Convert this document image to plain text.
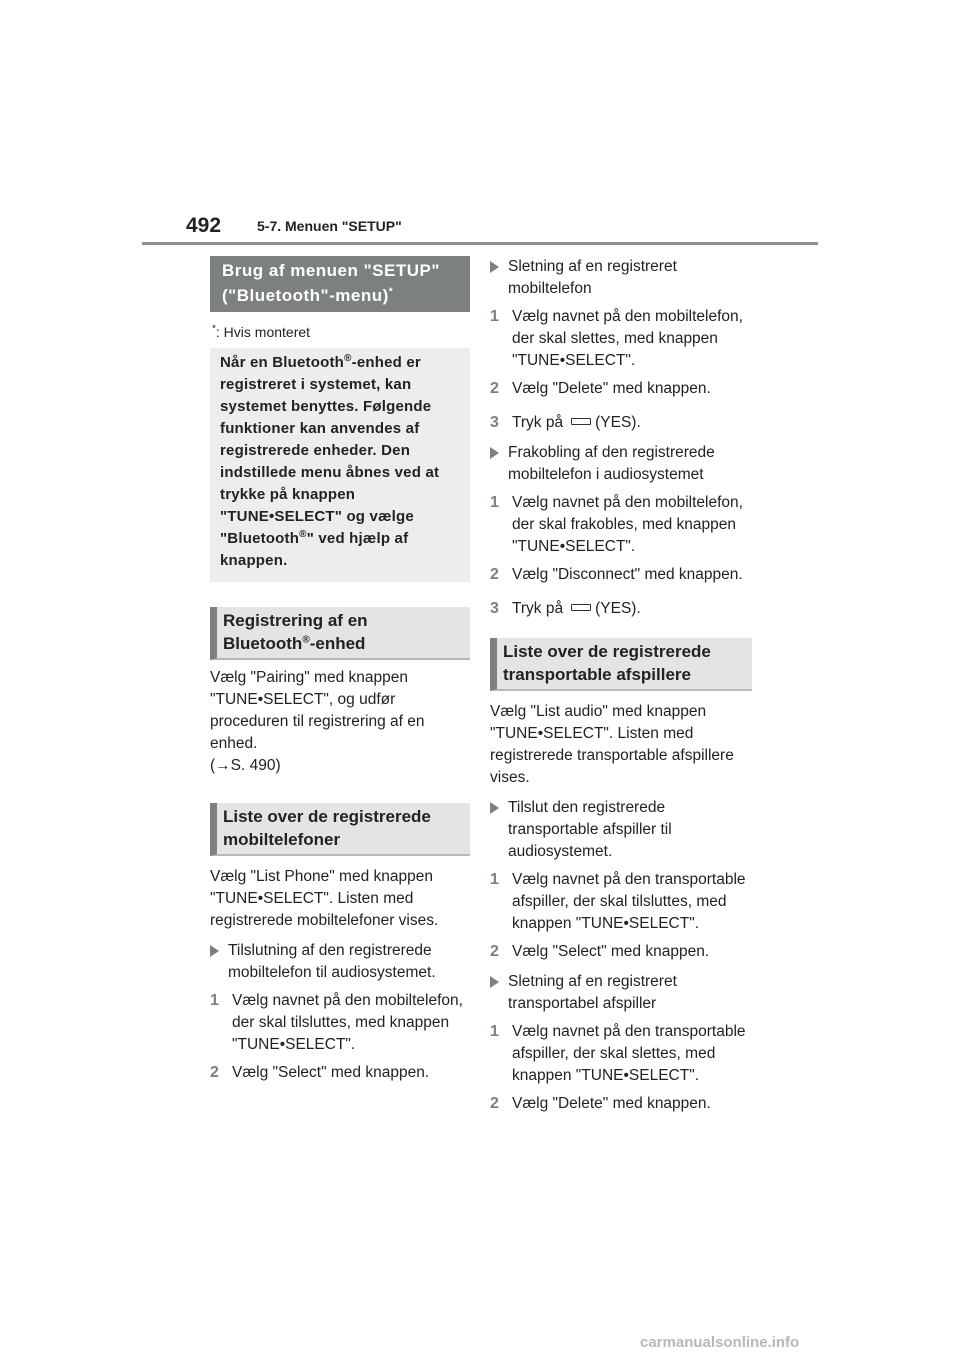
492	5-7. Menuen "SETUP"
Brug af menuen "SETUP"
("Bluetooth"-menu)*
*: Hvis monteret
Når en Bluetooth®-enhed er registreret i systemet, kan systemet benyttes. Følgende funktioner kan anvendes af registrerede enheder. Den indstillede menu åbnes ved at trykke på knappen "TUNE•SELECT" og vælge "Bluetooth®" ved hjælp af knappen.
Registrering af en
Bluetooth®-enhed
Vælg "Pairing" med knappen "TUNE•SELECT", og udfør proceduren til registrering af en enhed.
(→S. 490)
Liste over de registrerede mobiltelefoner
Vælg "List Phone" med knappen "TUNE•SELECT". Listen med registrerede mobiltelefoner vises.
Tilslutning af den registrerede mobiltelefon til audiosystemet.
1 Vælg navnet på den mobiltelefon, der skal tilsluttes, med knappen "TUNE•SELECT".
2 Vælg "Select" med knappen.
Sletning af en registreret mobiltelefon
1 Vælg navnet på den mobiltelefon, der skal slettes, med knappen "TUNE•SELECT".
2 Vælg "Delete" med knappen.
3 Tryk på (YES).
Frakobling af den registrerede mobiltelefon i audiosystemet
1 Vælg navnet på den mobiltelefon, der skal frakobles, med knappen "TUNE•SELECT".
2 Vælg "Disconnect" med knappen.
3 Tryk på (YES).
Liste over de registrerede transportable afspillere
Vælg "List audio" med knappen "TUNE•SELECT". Listen med registrerede transportable afspillere vises.
Tilslut den registrerede transportable afspiller til audiosystemet.
1 Vælg navnet på den transportable afspiller, der skal tilsluttes, med knappen "TUNE•SELECT".
2 Vælg "Select" med knappen.
Sletning af en registreret transportabel afspiller
1 Vælg navnet på den transportable afspiller, der skal slettes, med knappen "TUNE•SELECT".
2 Vælg "Delete" med knappen.
carmanualsonline.info
